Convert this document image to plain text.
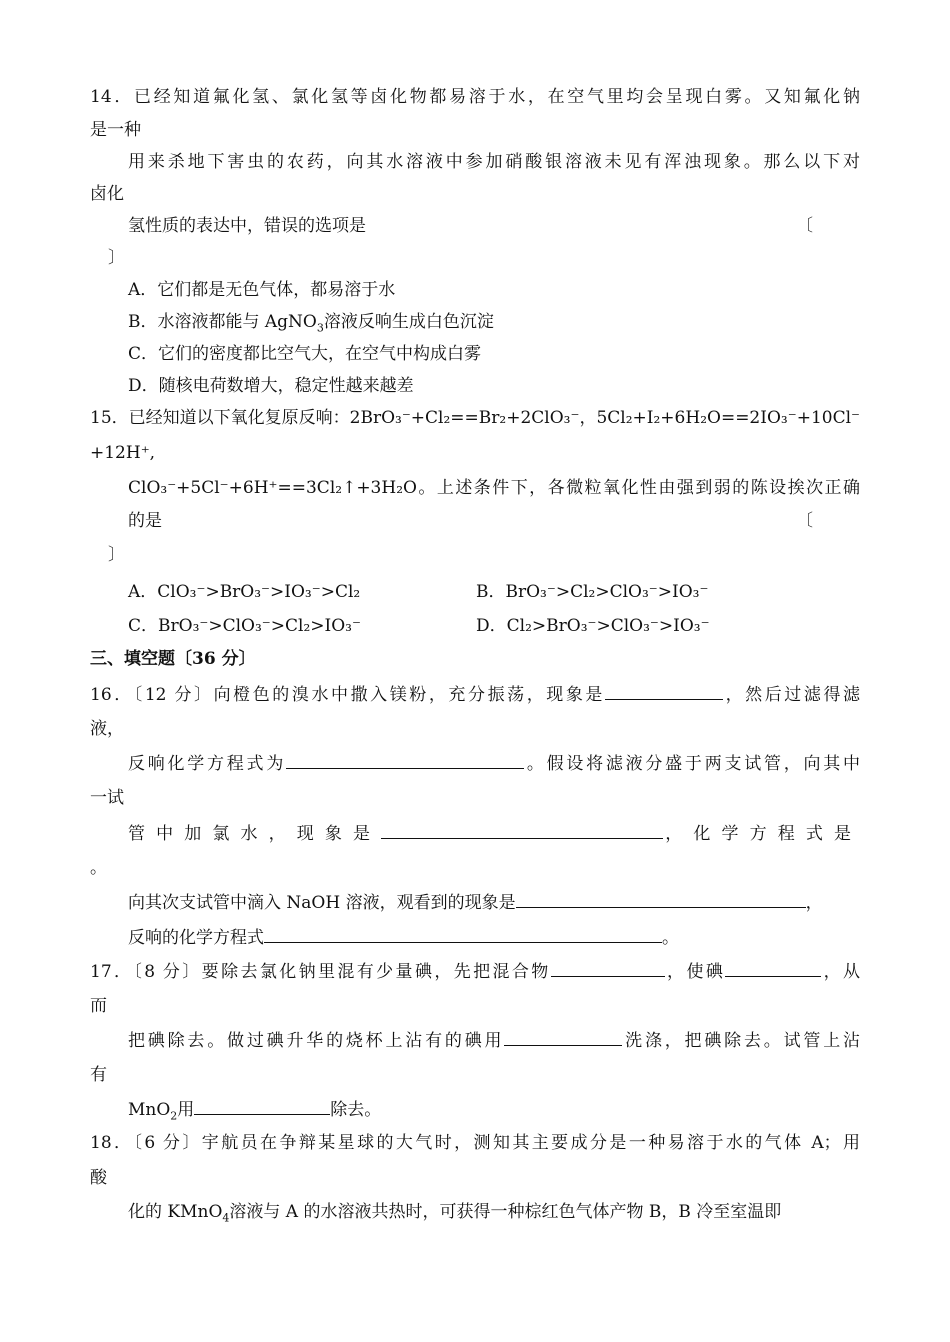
14．已经知道氟化氢、氯化氢等卤化物都易溶于水，在空气里均会呈现白雾。又知氟化钠
是一种
用来杀地下害虫的农药，向其水溶液中参加硝酸银溶液未见有浑浊现象。那么以下对
卤化
氢性质的表达中，错误的选项是	〔
〕
A．它们都是无色气体，都易溶于水
B．水溶液都能与 AgNO$_3$溶液反响生成白色沉淀
C．它们的密度都比空气大，在空气中构成白雾
D．随核电荷数增大，稳定性越来越差
15．已经知道以下氧化复原反响：2BrO₃⁻+Cl₂==Br₂+2ClO₃⁻，5Cl₂+I₂+6H₂O==2IO₃⁻+10Cl⁻
+12H⁺,
ClO₃⁻+5Cl⁻+6H⁺==3Cl₂↑+3H₂O。上述条件下，各微粒氧化性由强到弱的陈设挨次正确
的是	〔
〕
A．ClO₃⁻>BrO₃⁻>IO₃⁻>Cl₂	B．BrO₃⁻>Cl₂>ClO₃⁻>IO₃⁻
C．BrO₃⁻>ClO₃⁻>Cl₂>IO₃⁻	D．Cl₂>BrO₃⁻>ClO₃⁻>IO₃⁻
三、填空题〔36 分〕
16．〔12 分〕向橙色的溴水中撒入镁粉，充分振荡，现象是	，然后过滤得滤
液，
反响化学方程式为	。假设将滤液分盛于两支试管，向其中
一试
管中加氯水，现象是	，化学方程式是
。
向其次支试管中滴入 NaOH 溶液，观看到的现象是	，
反响的化学方程式	。
17．〔8 分〕要除去氯化钠里混有少量碘，先把混合物	，使碘	，从
而
把碘除去。做过碘升华的烧杯上沾有的碘用	洗涤，把碘除去。试管上沾
有
MnO$_2$用	除去。
18．〔6 分〕宇航员在争辩某星球的大气时，测知其主要成分是一种易溶于水的气体 A；用
酸
化的 KMnO$_4$溶液与 A 的水溶液共热时，可获得一种棕红色气体产物 B，B 冷至室温即
